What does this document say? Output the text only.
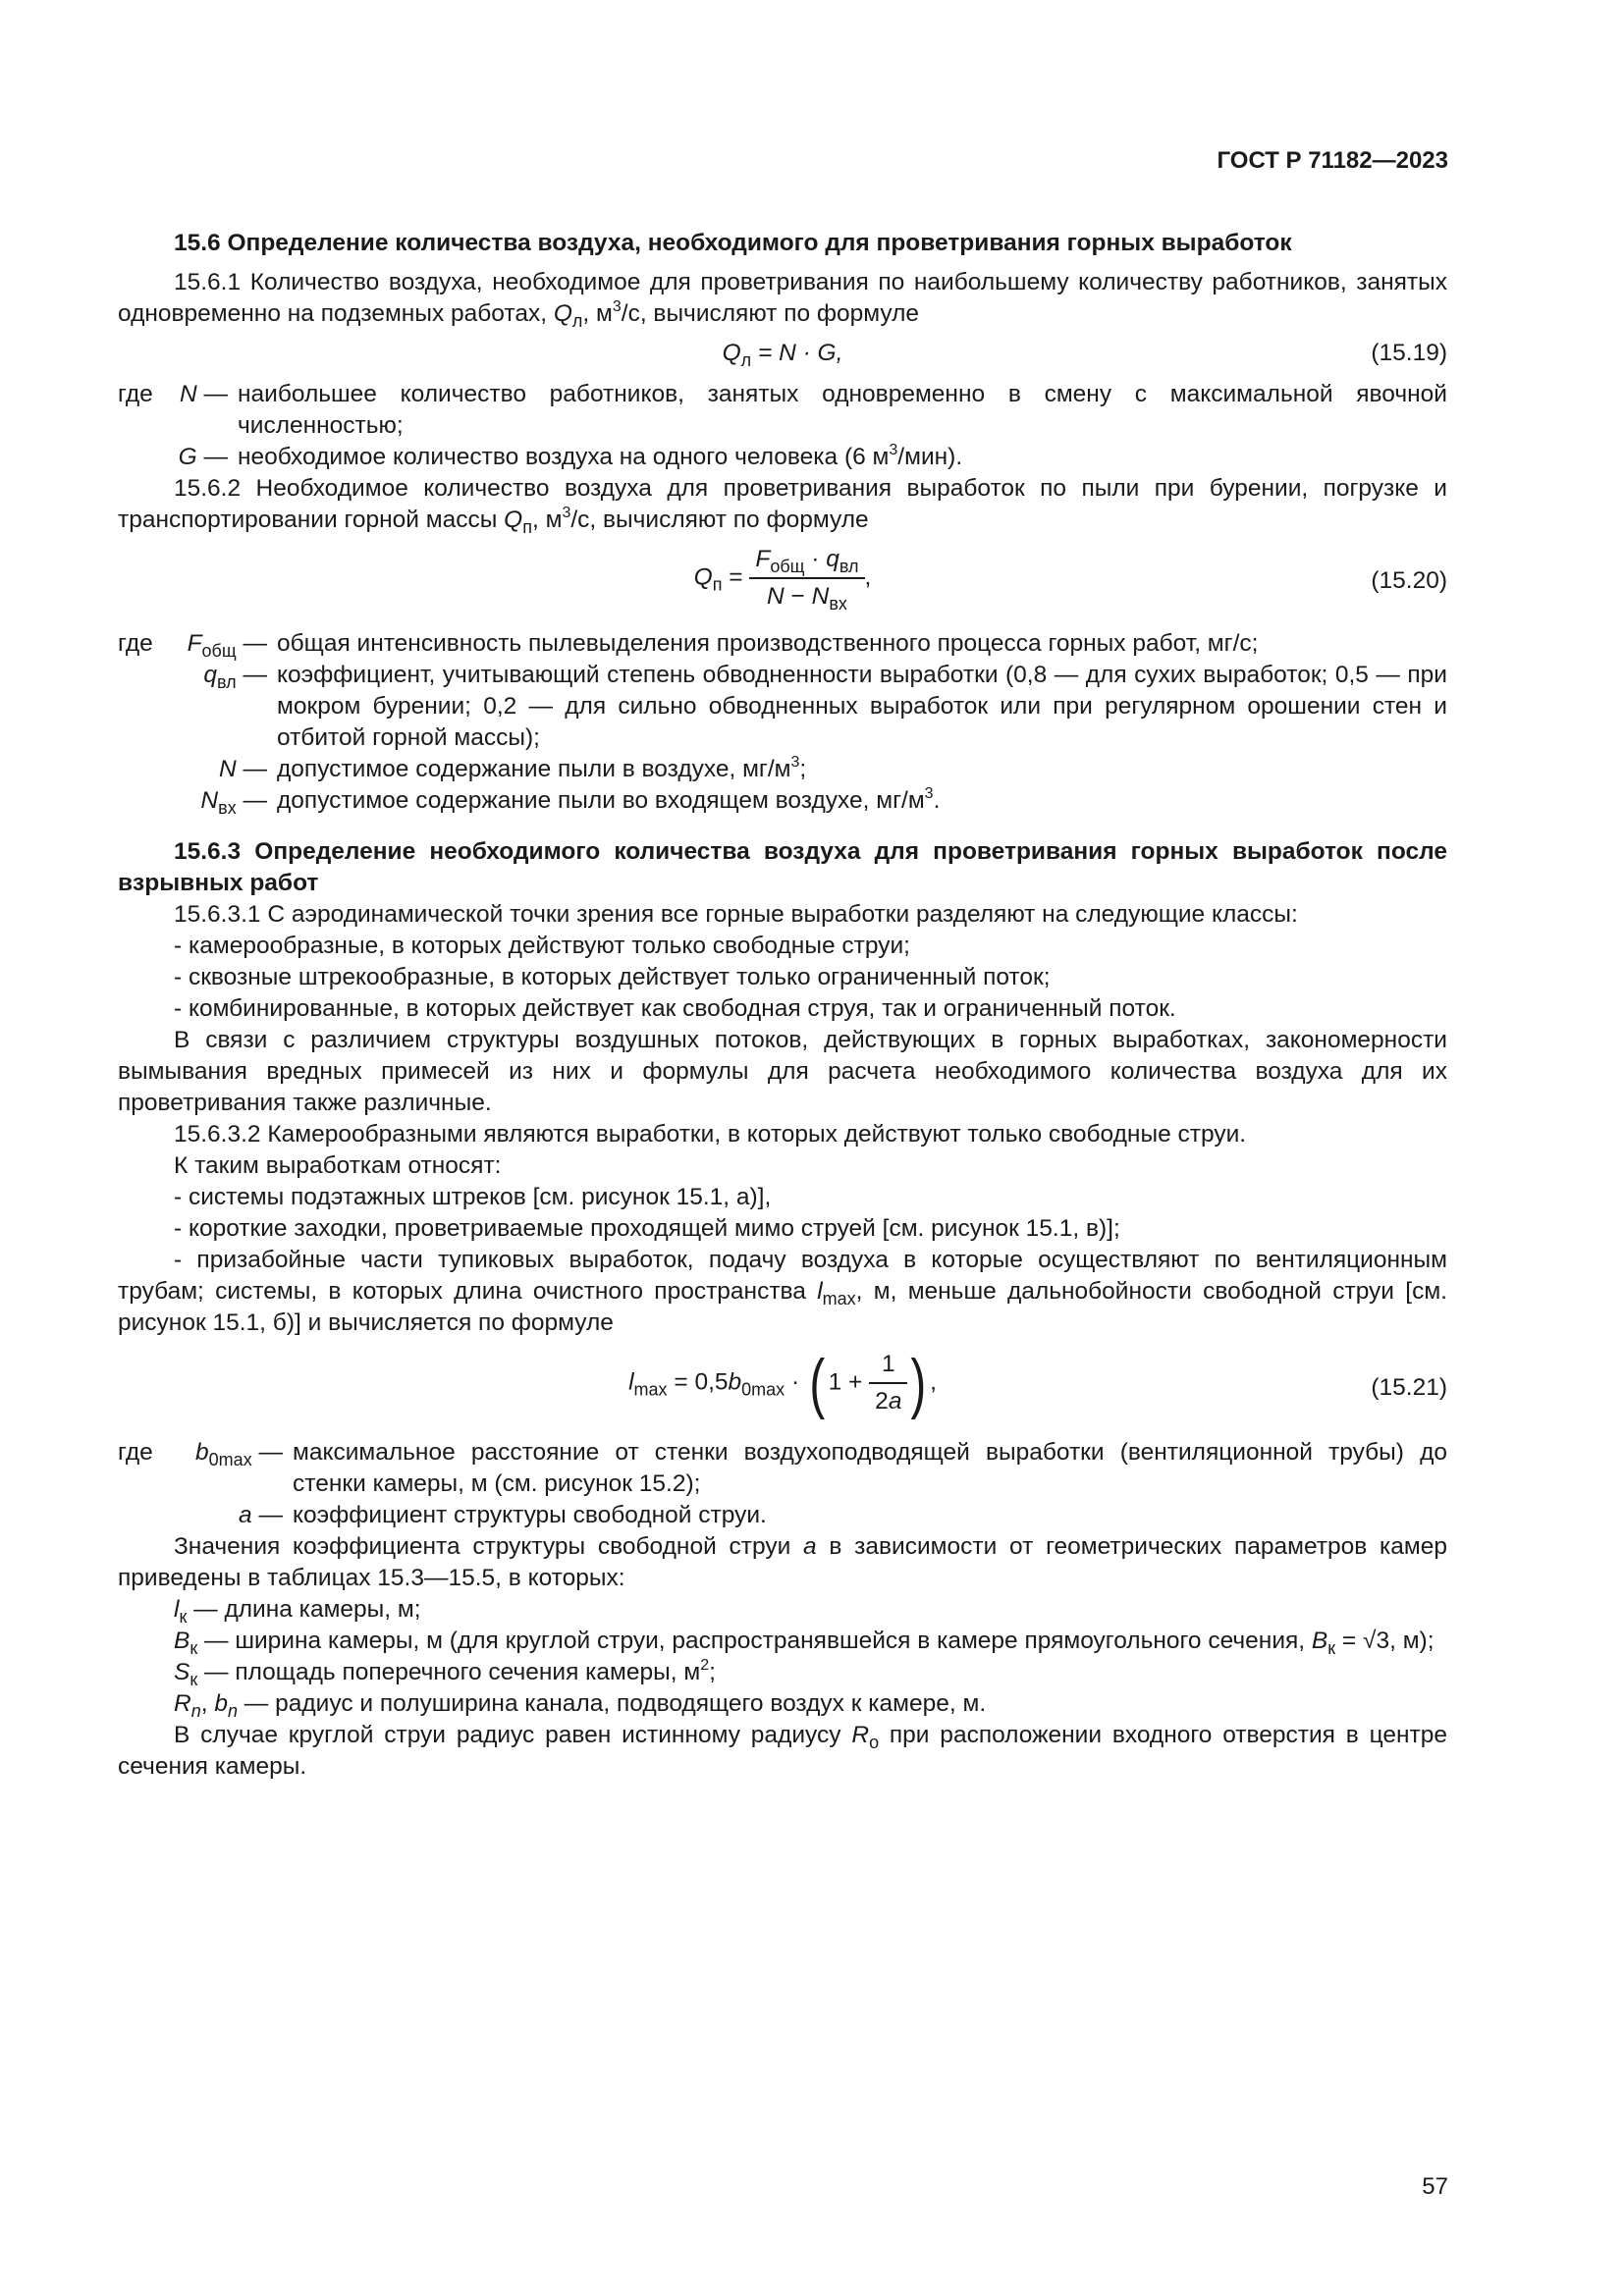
ГОСТ Р 71182—2023

15.6 Определение количества воздуха, необходимого для проветривания горных выработок

15.6.1 Количество воздуха, необходимое для проветривания по наибольшему количеству работников, занятых одновременно на подземных работах, $Q_л$, $м^3/с$, вычисляют по формуле

$Q_л = N \cdot G$,	(15.19)
где N — наибольшее количество работников, занятых одновременно в смену с максимальной явочной численностью;
G — необходимое количество воздуха на одного человека (6 $м^3/мин$).

15.6.2 Необходимое количество воздуха для проветривания выработок по пыли при бурении, погрузке и транспортировании горной массы $Q_п$, $м^3/с$, вычисляют по формуле

$Q_п = \frac{F_{общ} \cdot q_{вл}}{N - N_{вх}}$ ,	(15.20)
где $F_{общ}$ — общая интенсивность пылевыделения производственного процесса горных работ, мг/с;
$q_{вл}$ — коэффициент, учитывающий степень обводненности выработки (0,8 — для сухих выработок; 0,5 — при мокром бурении; 0,2 — для сильно обводненных выработок или при регулярном орошении стен и отбитой горной массы);
N — допустимое содержание пыли в воздухе, $мг/м^3$;
$N_{вх}$ — допустимое содержание пыли во входящем воздухе, $мг/м^3$.

15.6.3 Определение необходимого количества воздуха для проветривания горных выработок после взрывных работ

15.6.3.1 С аэродинамической точки зрения все горные выработки разделяют на следующие классы:

- камерообразные, в которых действуют только свободные струи;

- сквозные штрекообразные, в которых действует только ограниченный поток;

- комбинированные, в которых действует как свободная струя, так и ограниченный поток.

В связи с различием структуры воздушных потоков, действующих в горных выработках, закономерности вымывания вредных примесей из них и формулы для расчета необходимого количества воздуха для их проветривания также различные.

15.6.3.2 Камерообразными являются выработки, в которых действуют только свободные струи.

К таким выработкам относят:

- системы подэтажных штреков [см. рисунок 15.1, а)],

- короткие заходки, проветриваемые проходящей мимо струей [см. рисунок 15.1, в)];

- призабойные части тупиковых выработок, подачу воздуха в которые осуществляют по вентиляционным трубам; системы, в которых длина очистного пространства $l_{max}$, м, меньше дальнобойности свободной струи [см. рисунок 15.1, б)] и вычисляется по формуле

$l_{max} = 0,5b_{0max}$ · ( $1 + \frac{1}{2a}$ ) ,	(15.21)
где $b_{0max}$ — максимальное расстояние от стенки воздухоподводящей выработки (вентиляционной трубы) до стенки камеры, м (см. рисунок 15.2);
a — коэффициент структуры свободной струи.

Значения коэффициента структуры свободной струи a в зависимости от геометрических параметров камер приведены в таблицах 15.3—15.5, в которых:

$l_к$ — длина камеры, м;

$B_к$ — ширина камеры, м (для круглой струи, распространявшейся в камере прямоугольного сечения, $B_к = √3$, м);

$S_к$ — площадь поперечного сечения камеры, $м^2$;

$R_n$, $b_n$ — радиус и полуширина канала, подводящего воздух к камере, м.

В случае круглой струи радиус равен истинному радиусу $R_o$ при расположении входного отверстия в центре сечения камеры.

57
